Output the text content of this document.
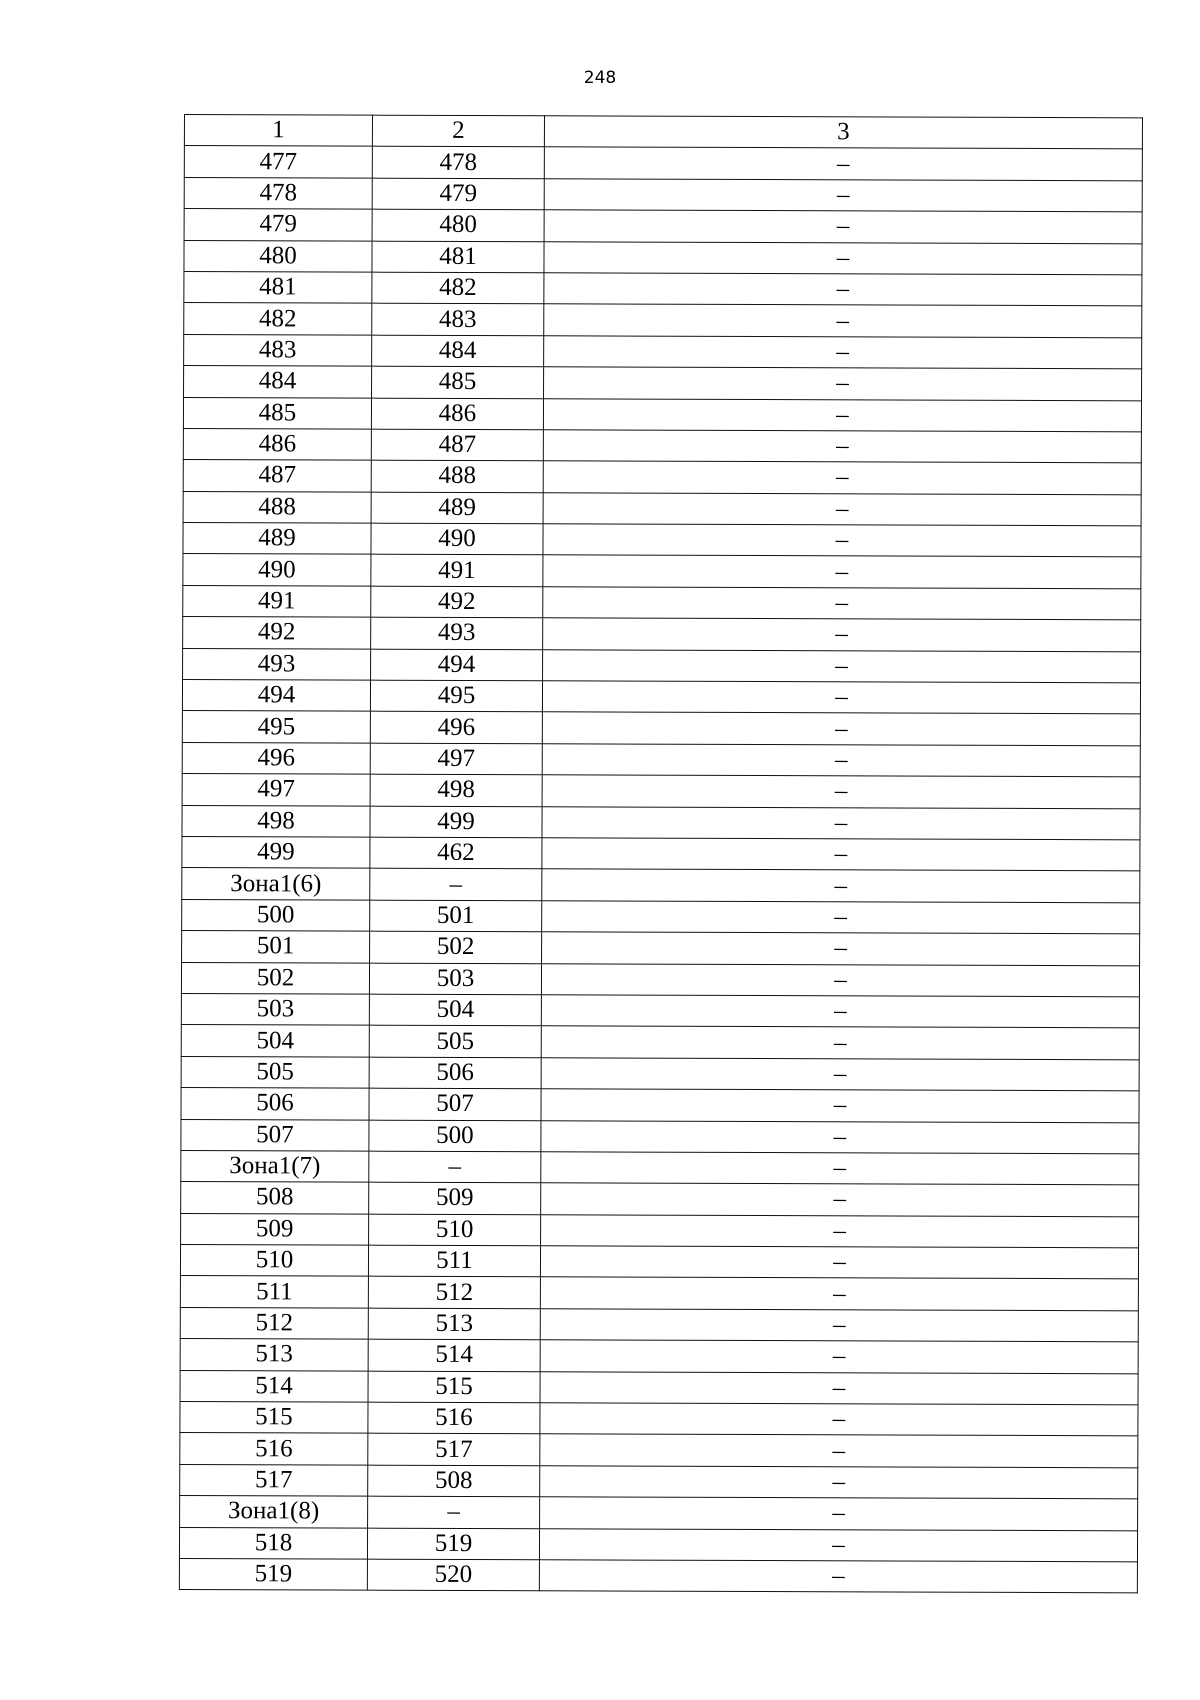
248
1	2	3
477	478	–
478	479	–
479	480	–
480	481	–
481	482	–
482	483	–
483	484	–
484	485	–
485	486	–
486	487	–
487	488	–
488	489	–
489	490	–
490	491	–
491	492	–
492	493	–
493	494	–
494	495	–
495	496	–
496	497	–
497	498	–
498	499	–
499	462	–
Зона1(6)	–	–
500	501	–
501	502	–
502	503	–
503	504	–
504	505	–
505	506	–
506	507	–
507	500	–
Зона1(7)	–	–
508	509	–
509	510	–
510	511	–
511	512	–
512	513	–
513	514	–
514	515	–
515	516	–
516	517	–
517	508	–
Зона1(8)	–	–
518	519	–
519	520	–
